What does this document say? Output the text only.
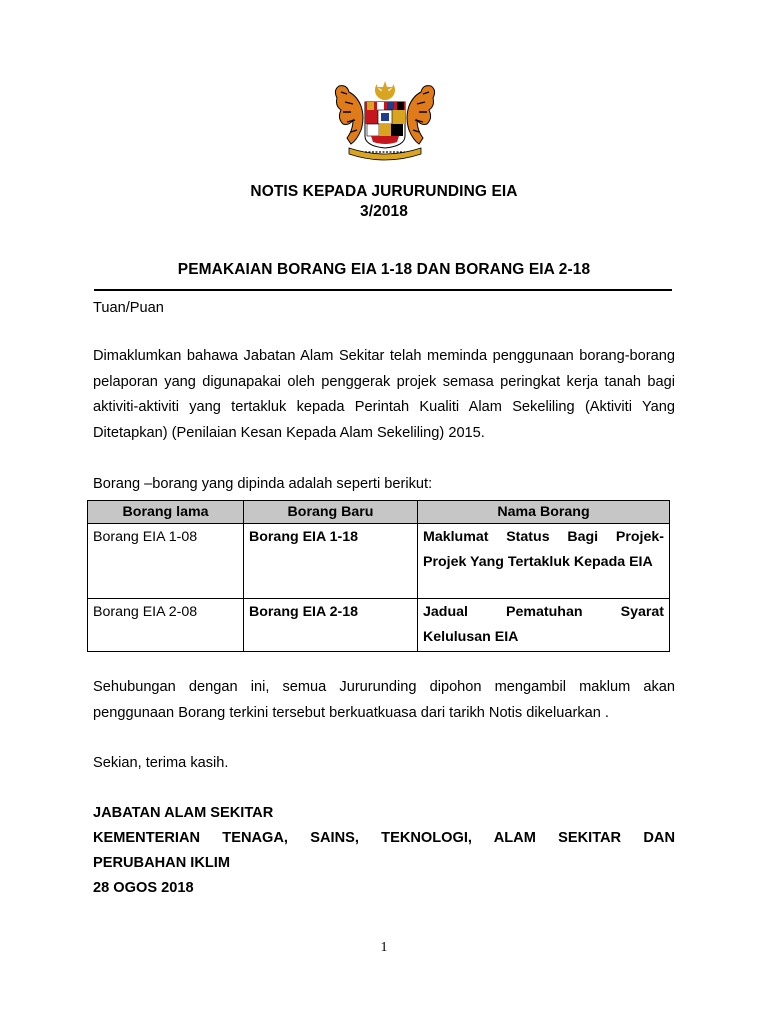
NOTIS KEPADA JURURUNDING EIA
3/2018
PEMAKAIAN BORANG EIA 1-18 DAN BORANG EIA 2-18
Tuan/Puan
Dimaklumkan bahawa Jabatan Alam Sekitar telah meminda penggunaan borang-borang pelaporan yang digunapakai oleh penggerak projek semasa peringkat kerja tanah bagi aktiviti-aktiviti yang tertakluk kepada Perintah Kualiti Alam Sekeliling (Aktiviti Yang Ditetapkan) (Penilaian Kesan Kepada Alam Sekeliling) 2015.
Borang –borang yang dipinda adalah seperti berikut:
Borang lama	Borang Baru	Nama Borang
Borang EIA 1-08	Borang EIA 1-18	Maklumat Status Bagi Projek-Projek Yang Tertakluk Kepada EIA
Borang EIA 2-08	Borang EIA 2-18	Jadual Pematuhan Syarat Kelulusan EIA
Sehubungan dengan ini, semua Jururunding dipohon mengambil maklum akan penggunaan Borang terkini tersebut berkuatkuasa dari tarikh Notis dikeluarkan .
Sekian, terima kasih.
JABATAN ALAM SEKITAR
KEMENTERIAN TENAGA, SAINS, TEKNOLOGI, ALAM SEKITAR DAN
PERUBAHAN IKLIM
28 OGOS 2018
1
